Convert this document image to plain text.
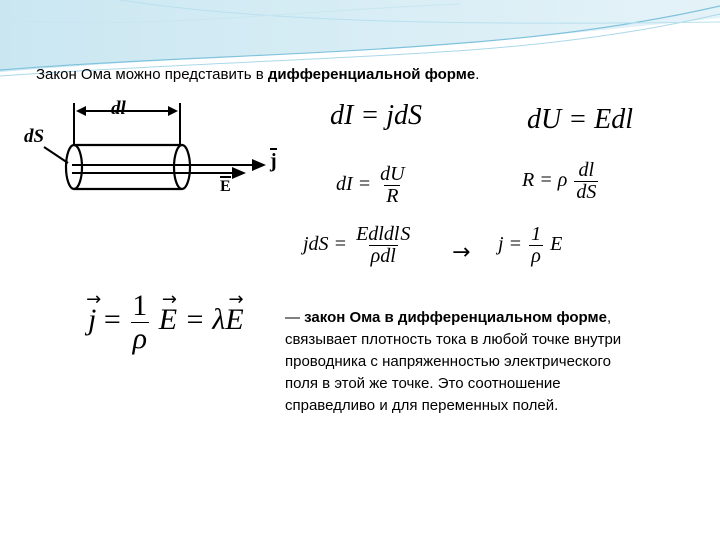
Закон Ома можно представить в дифференциальной форме.
dl
dS
j
E
dI = jdS	dU = Edl
dI = $\frac{dU}{R}$	R = ρ $\frac{dl}{dS}$
jdS = $\frac{\text{EdldlS}}{\text{ρdl}} \to j = \frac{1}{\rho}$ E
→ $j = \frac{1}{\rho}$
→ E = λ→ E	— закон Ома в дифференциальном форме, связывает плотность тока в любой точке внутри проводника с напряженностью электрического поля в этой же точке. Это соотношение справедливо и для переменных полей.
